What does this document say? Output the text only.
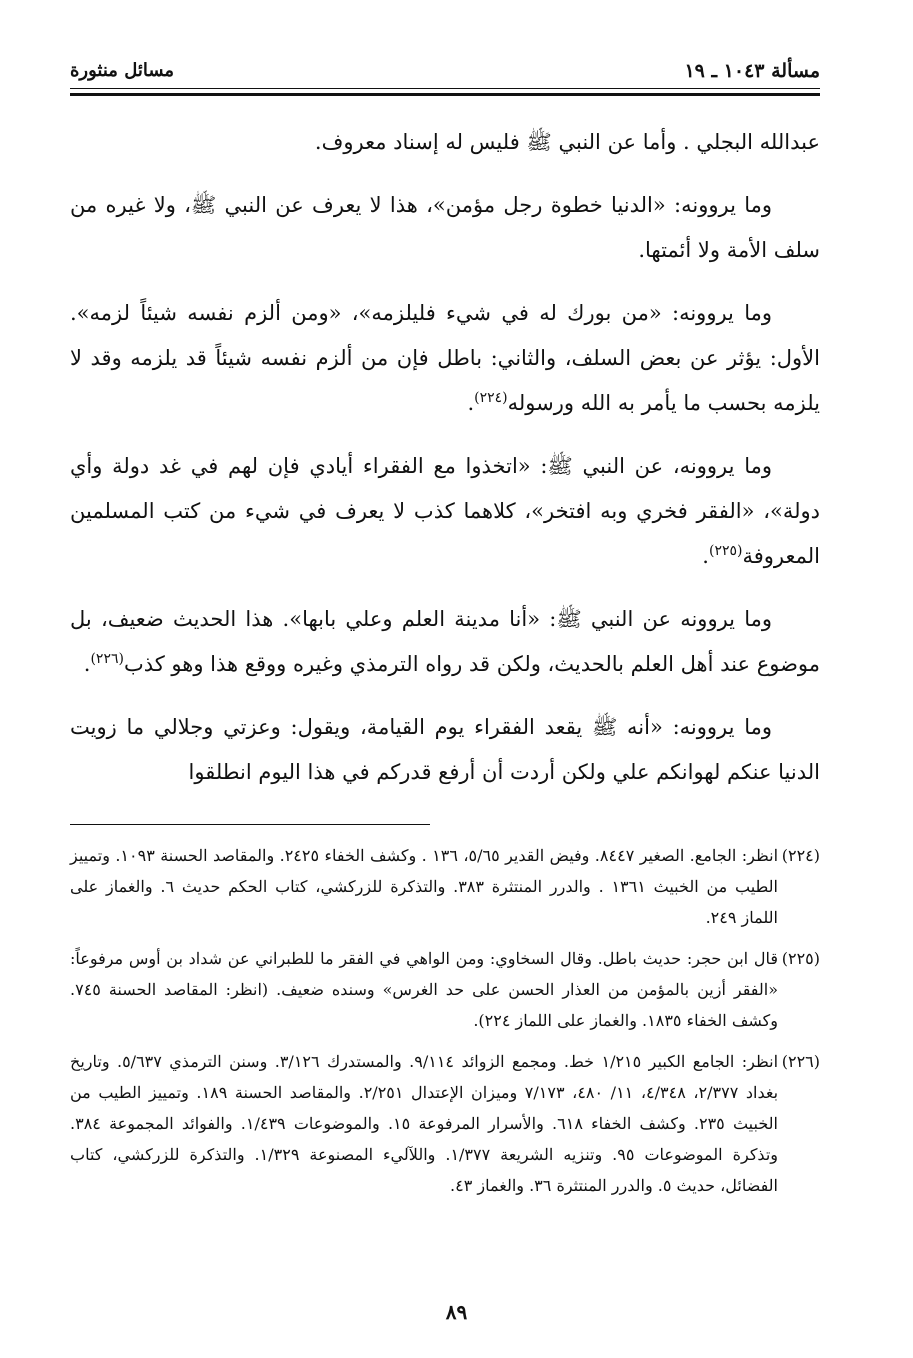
مسألة ١٠٤٣ ـ ١٩
مسائل منثورة

عبدالله البجلي . وأما عن النبي ﷺ فليس له إسناد معروف.

وما يروونه: «الدنيا خطوة رجل مؤمن»، هذا لا يعرف عن النبي ﷺ، ولا غيره من سلف الأمة ولا أئمتها.

وما يروونه: «من بورك له في شيء فليلزمه»، «ومن ألزم نفسه شيئاً لزمه». الأول: يؤثر عن بعض السلف، والثاني: باطل فإن من ألزم نفسه شيئاً قد يلزمه وقد لا يلزمه بحسب ما يأمر به الله ورسوله$^{(٢٢٤)}$.

وما يروونه، عن النبي ﷺ: «اتخذوا مع الفقراء أيادي فإن لهم في غد دولة وأي دولة»، «الفقر فخري وبه افتخر»، كلاهما كذب لا يعرف في شيء من كتب المسلمين المعروفة$^{(٢٢٥)}$.

وما يروونه عن النبي ﷺ: «أنا مدينة العلم وعلي بابها». هذا الحديث ضعيف، بل موضوع عند أهل العلم بالحديث، ولكن قد رواه الترمذي وغيره ووقع هذا وهو كذب$^{(٢٢٦)}$.

وما يروونه: «أنه ﷺ يقعد الفقراء يوم القيامة، ويقول: وعزتي وجلالي ما زويت الدنيا عنكم لهوانكم علي ولكن أردت أن أرفع قدركم في هذا اليوم انطلقوا

(٢٢٤)
انظر: الجامع. الصغير ٨٤٤٧. وفيض القدير ٥/٦٥، ١٣٦ . وكشف الخفاء ٢٤٢٥. والمقاصد الحسنة ١٠٩٣. وتمييز الطيب من الخبيث ١٣٦١ . والدرر المنتثرة ٣٨٣. والتذكرة للزركشي، كتاب الحكم حديث ٦. والغماز على اللماز ٢٤٩.

(٢٢٥)
قال ابن حجر: حديث باطل. وقال السخاوي: ومن الواهي في الفقر ما للطبراني عن شداد بن أوس مرفوعاً: «الفقر أزين بالمؤمن من العذار الحسن على حد الغرس» وسنده ضعيف. (انظر: المقاصد الحسنة ٧٤٥. وكشف الخفاء ١٨٣٥. والغماز على اللماز ٢٢٤).

(٢٢٦)
انظر: الجامع الكبير ١/٢١٥ خط. ومجمع الزوائد ٩/١١٤. والمستدرك ٣/١٢٦. وسنن الترمذي ٥/٦٣٧. وتاريخ بغداد ٢/٣٧٧، ٤/٣٤٨، ١١/ ٤٨٠، ٧/١٧٣ وميزان الإعتدال ٢/٢٥١. والمقاصد الحسنة ١٨٩. وتمييز الطيب من الخبيث ٢٣٥. وكشف الخفاء ٦١٨. والأسرار المرفوعة ١٥. والموضوعات ١/٤٣٩. والفوائد المجموعة ٣٨٤. وتذكرة الموضوعات ٩٥. وتنزيه الشريعة ١/٣٧٧. واللآليء المصنوعة ١/٣٢٩. والتذكرة للزركشي، كتاب الفضائل، حديث ٥. والدرر المنتثرة ٣٦. والغماز ٤٣.

٨٩
